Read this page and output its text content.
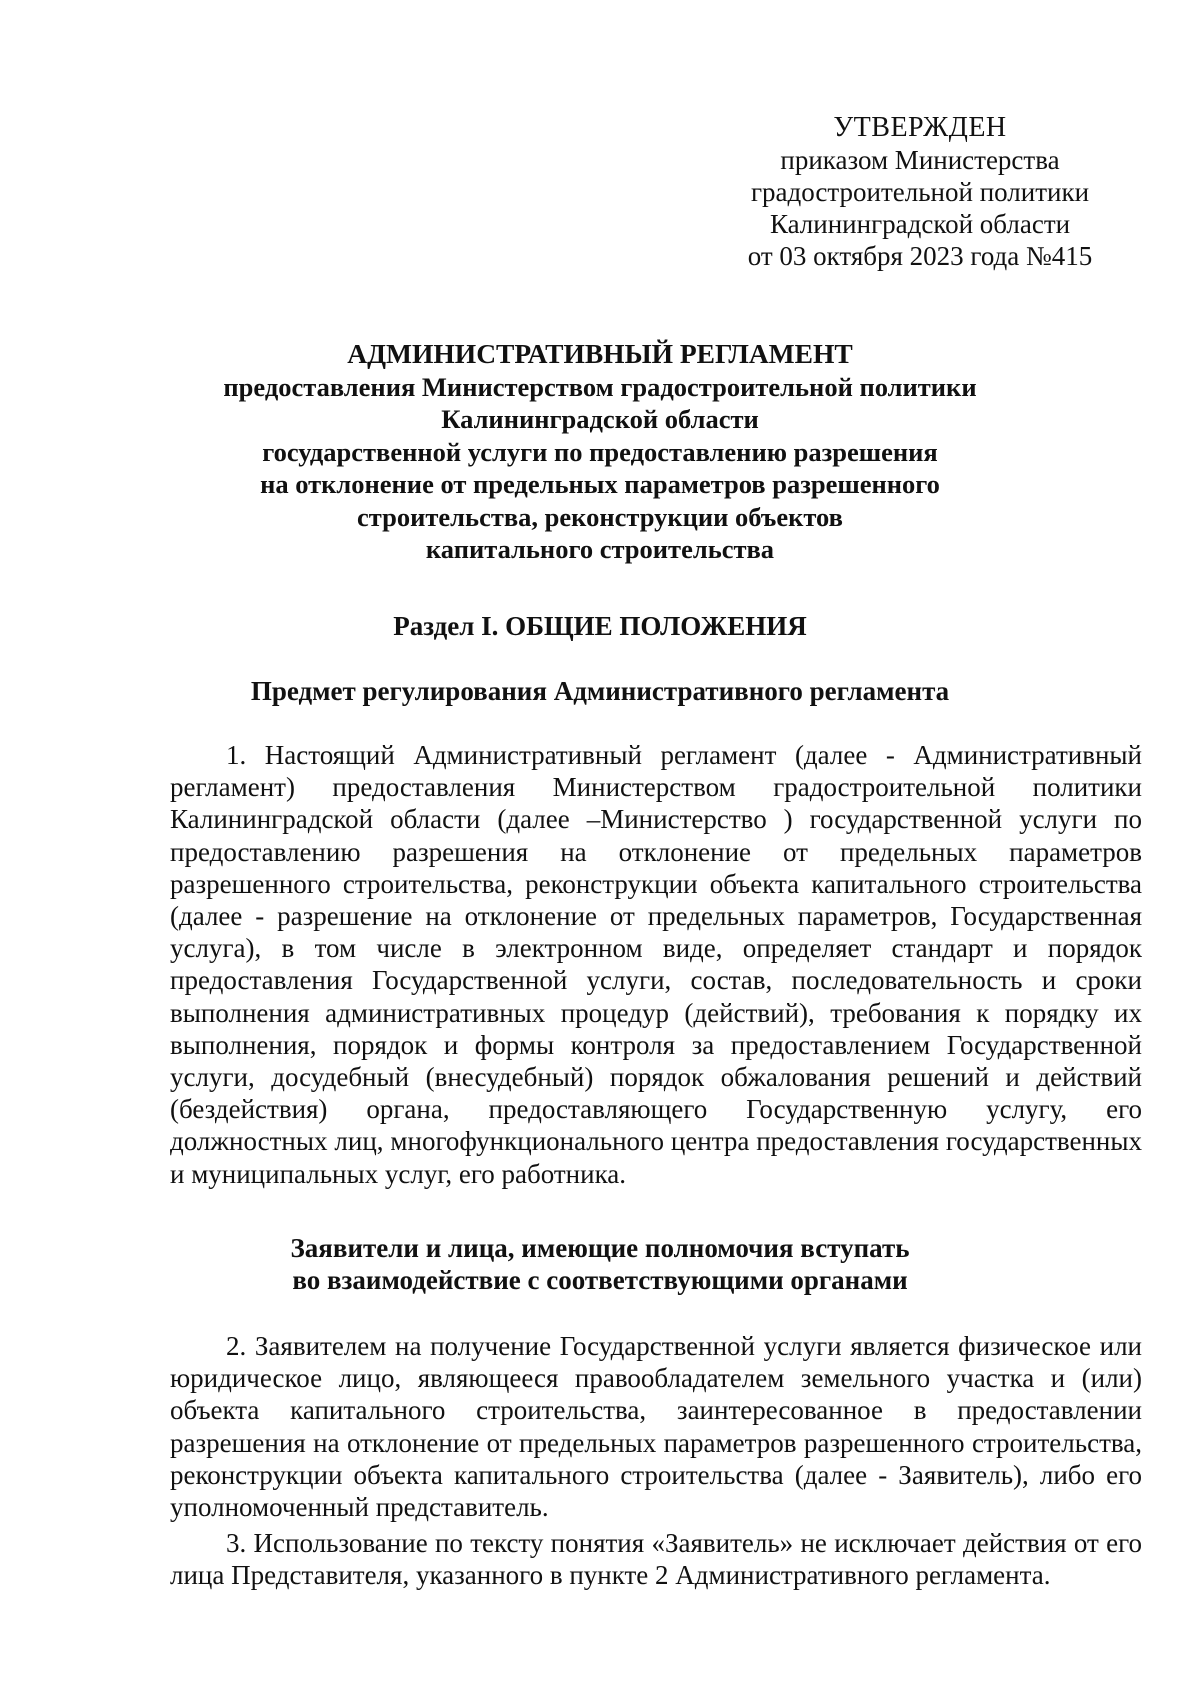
УТВЕРЖДЕН
приказом Министерства
градостроительной политики
Калининградской области
от 03 октября 2023 года №415
АДМИНИСТРАТИВНЫЙ РЕГЛАМЕНТ
предоставления Министерством градостроительной политики
Калининградской области
государственной услуги по предоставлению разрешения
на отклонение от предельных параметров разрешенного
строительства, реконструкции объектов
капитального строительства
Раздел I. ОБЩИЕ ПОЛОЖЕНИЯ
Предмет регулирования Административного регламента
1. Настоящий Административный регламент (далее - Административный регламент) предоставления Министерством градостроительной политики Калининградской области (далее –Министерство ) государственной услуги по предоставлению разрешения на отклонение от предельных параметров разрешенного строительства, реконструкции объекта капитального строительства (далее - разрешение на отклонение от предельных параметров, Государственная услуга), в том числе в электронном виде, определяет стандарт и порядок предоставления Государственной услуги, состав, последовательность и сроки выполнения административных процедур (действий), требования к порядку их выполнения, порядок и формы контроля за предоставлением Государственной услуги, досудебный (внесудебный) порядок обжалования решений и действий (бездействия) органа, предоставляющего Государственную услугу, его должностных лиц, многофункционального центра предоставления государственных и муниципальных услуг, его работника.
Заявители и лица, имеющие полномочия вступать
во взаимодействие с соответствующими органами
2. Заявителем на получение Государственной услуги является физическое или юридическое лицо, являющееся правообладателем земельного участка и (или) объекта капитального строительства, заинтересованное в предоставлении разрешения на отклонение от предельных параметров разрешенного строительства, реконструкции объекта капитального строительства (далее - Заявитель), либо его уполномоченный представитель.
3. Использование по тексту понятия «Заявитель» не исключает действия от его лица Представителя, указанного в пункте 2 Административного регламента.
